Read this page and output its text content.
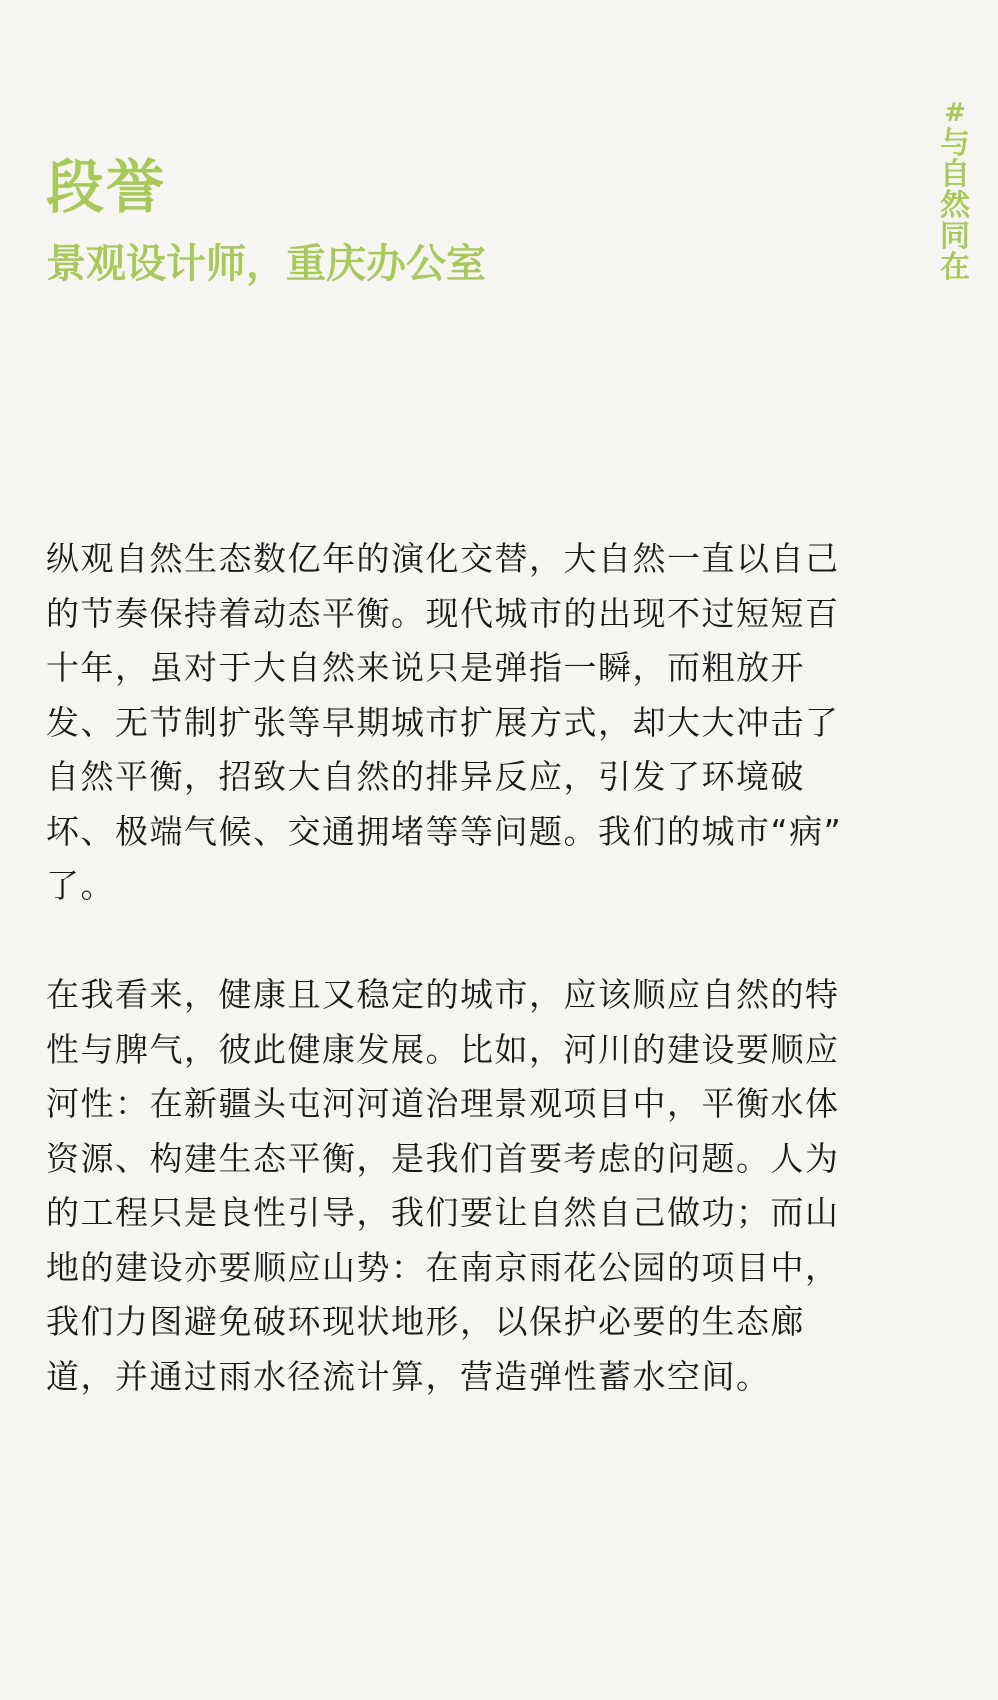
段誉
景观设计师，重庆办公室
#
与
自
然
同
在

纵观自然生态数亿年的演化交替，大自然一直以自己
的节奏保持着动态平衡。现代城市的出现不过短短百
十年，虽对于大自然来说只是弹指一瞬，而粗放开
发、无节制扩张等早期城市扩展方式，却大大冲击了
自然平衡，招致大自然的排异反应，引发了环境破
坏、极端气候、交通拥堵等等问题。我们的城市“病”
了。

在我看来，健康且又稳定的城市，应该顺应自然的特
性与脾气，彼此健康发展。比如，河川的建设要顺应
河性：在新疆头屯河河道治理景观项目中，平衡水体
资源、构建生态平衡，是我们首要考虑的问题。人为
的工程只是良性引导，我们要让自然自己做功；而山
地的建设亦要顺应山势：在南京雨花公园的项目中，
我们力图避免破环现状地形，以保护必要的生态廊
道，并通过雨水径流计算，营造弹性蓄水空间。
